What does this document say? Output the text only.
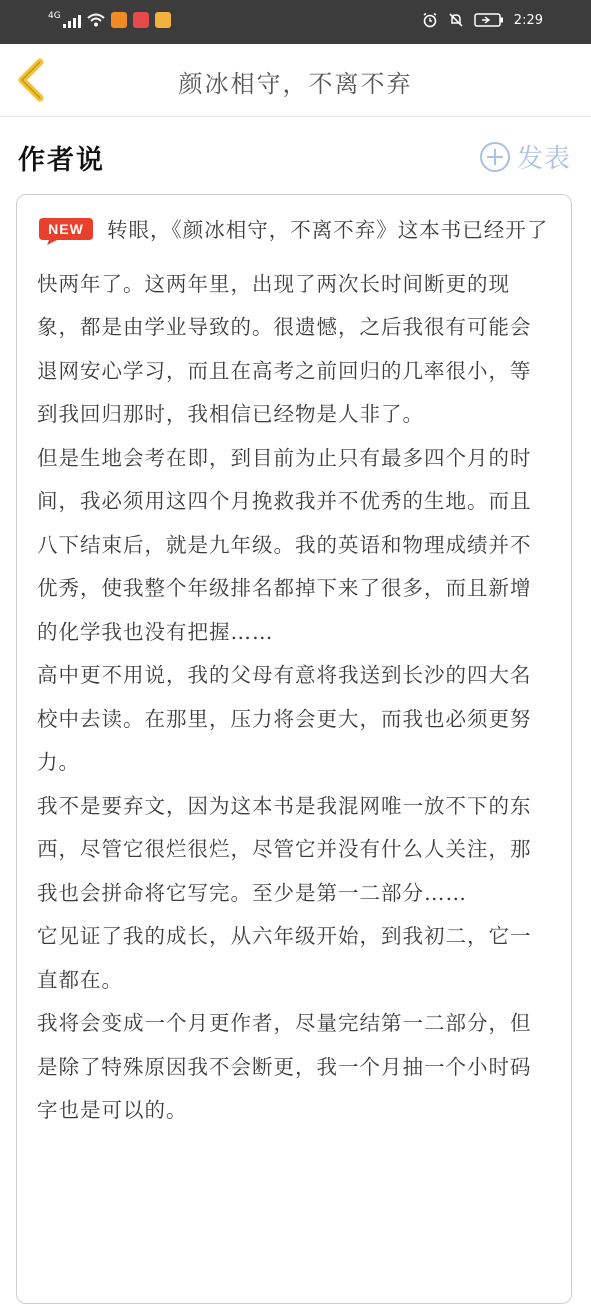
4G	2:29
颜冰相守，不离不弃
作者说	发表

NEW 转眼，《颜冰相守，不离不弃》这本书已经开了快两年了。这两年里，出现了两次长时间断更的现象，都是由学业导致的。很遗憾，之后我很有可能会退网安心学习，而且在高考之前回归的几率很小，等到我回归那时，我相信已经物是人非了。

但是生地会考在即，到目前为止只有最多四个月的时间，我必须用这四个月挽救我并不优秀的生地。而且八下结束后，就是九年级。我的英语和物理成绩并不优秀，使我整个年级排名都掉下来了很多，而且新增的化学我也没有把握……

高中更不用说，我的父母有意将我送到长沙的四大名校中去读。在那里，压力将会更大，而我也必须更努力。

我不是要弃文，因为这本书是我混网唯一放不下的东西，尽管它很烂很烂，尽管它并没有什么人关注，那我也会拼命将它写完。至少是第一二部分……

它见证了我的成长，从六年级开始，到我初二，它一直都在。

我将会变成一个月更作者，尽量完结第一二部分，但是除了特殊原因我不会断更，我一个月抽一个小时码字也是可以的。
